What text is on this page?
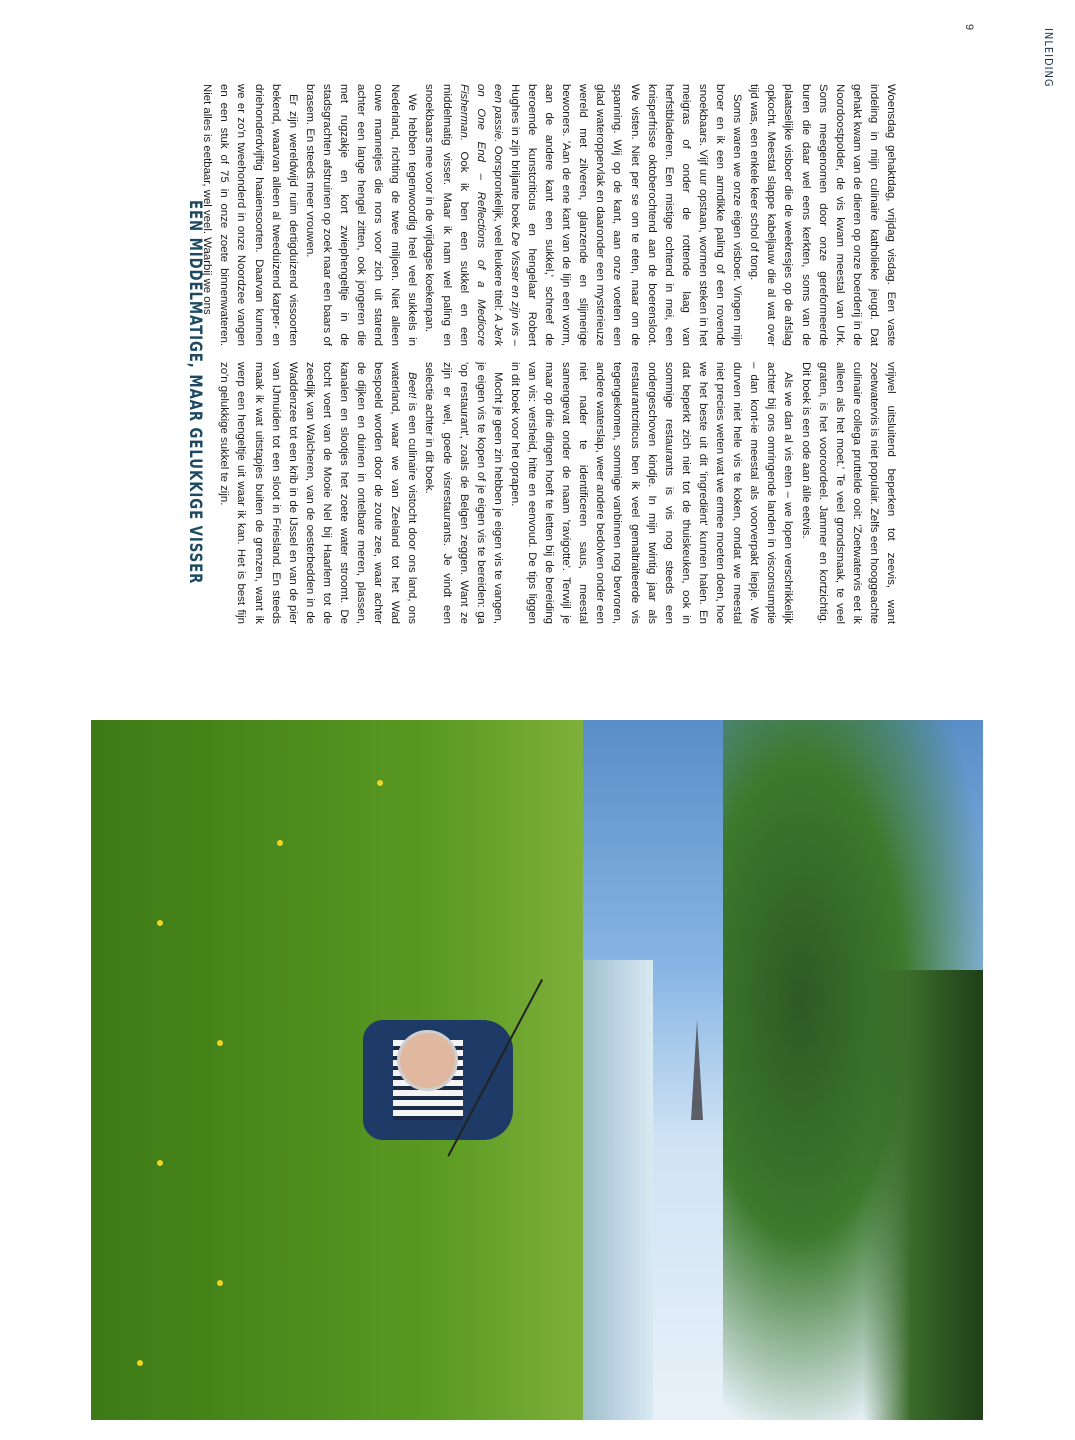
INLEIDING
9
EEN MIDDELMATIGE, MAAR GELUKKIGE VISSER	vrijwel uitsluitend beperken tot zeevis, want zoetwatervis is niet populair. Zelfs een hooggeachte culinaire collega pruttelde ooit: 'Zoetwatervis eet ik alleen als het moet.' Te veel grondsmaak, te veel graten, is het vooroordeel. Jammer en kortzichtig. Dit boek is een ode aan álle eetvis.

Als we dan al vis eten – we lopen verschrikkelijk achter bij ons omringende landen in visconsumptie – dan kont-ie meestal als voorverpakt liepje. We durven niet hele vis te koken, omdat we meestal niet precies weten wat we ermee moeten doen, hoe we het beste uit dit 'ingrediënt' kunnen halen. En dat beperkt zich niet tot de thuiskeuken, ook in sommige restaurants is vis nog steeds een ondergeschoven kindje. In mijn twintig jaar als restaurantcriticus ben ik veel gemaltraiteerde vis tegengekomen, sommige vanbinnen nog bevroren, andere waterslap, weer andere bedolven onder een niet nader te identificeren saus, meestal samengevat onder de naam 'ravigotte'. Terwijl je maar op drie dingen hoeft te letten bij de bereiding van vis: versheid, hitte en eenvoud. De tips liggen in dit boek voor het oprapen.

Mocht je geen zin hebben je eigen vis te vangen, je eigen vis te kopen of je eigen vis te bereiden: ga 'op restaurant', zoals de Belgen zeggen. Want ze zijn er wel, goede visrestaurants. Je vindt een selectie achter in dit boek.

Beet! is een culinaire vistocht door ons land, ons waterland, waar we van Zeeland tot het Wad bespoeld worden door de zoute zee, waar achter de dijken en duinen in ontelbare meren, plassen, kanalen en slootjes het zoete water stroomt. De tocht voert van de Mooie Nel bij Haarlem tot de zeedijk van Walcheren, van de oesterbedden in de Waddenzee tot een krib in de IJssel en van de pier van IJmuiden tot een sloot in Friesland. En steeds maak ik wat uitstapjes buiten de grenzen, want ik werp een hengeltje uit waar ik kan. Het is best fijn zo'n gelukkige sukkel te zijn.

Woensdag gehaktdag, vrijdag visdag. Een vaste indeling in mijn culinaire katholieke jeugd. Dat gehakt kwam van de dieren op onze boerderij in de Noordoostpolder, de vis kwam meestal van Urk. Soms meegenomen door onze gereformeerde buren die daar wel eens kerkten, soms van de plaatselijke visboer die de weekresjes op de afslag opkocht. Meestal slappe kabeljauw die al wat over tijd was, een enkele keer schol of tong.

Soms waren we onze eigen visboer. Vingen mijn broer en ik een armdikke paling of een rovende snoekbaars. Vijf uur opstaan, wormen steken in het meigras of onder de rottende laag van herfstbladeren. Een mistige ochtend in mei, een knisperfrisse oktoberochtend aan de boerensloot. We visten. Niet per se om te eten, maar om de spanning. Wij op de kant, aan onze voeten een glad wateroppervlak en daaronder een mysterieuze wereld met zilveren, glanzende en slijmerige bewoners. 'Aan de ene kant van de lijn een worm, aan de andere kant een sukkel,' schreef de beroemde kunstcriticus en hengelaar Robert Hughes in zijn briljante boek De Visser en zijn vis – een passie. Oorspronkelijk, veel leukere titel: A Jerk on One End – Reflections of a Mediocre Fisherman. Ook ik ben een sukkel en een middelmatig visser. Maar ik nam wel paling en snoekbaars mee voor in de vrijdagse koekenpan.

We hebben tegenwoordig heel veel sukkels in Nederland, richting de twee miljoen. Niet alleen ouwe mannetjes die nors voor zich uit starend achter een lange hengel zitten, ook jongeren die met rugzakje en kort zwiephengeltje in de stadsgrachten afstruinen op zoek naar een baars of brasem. En steeds meer vrouwen.

Er zijn wereldwijd ruim dertigduizend vissoorten bekend, waarvan alleen al tweeduizend karper- en driehonderdvijftig haaiensoorten. Daarvan kunnen we er zo'n tweehonderd in onze Noordzee vangen en een stuk of 75 in onze zoete binnenwateren. Niet alles is eetbaar, wel veel. Waarbij we ons
